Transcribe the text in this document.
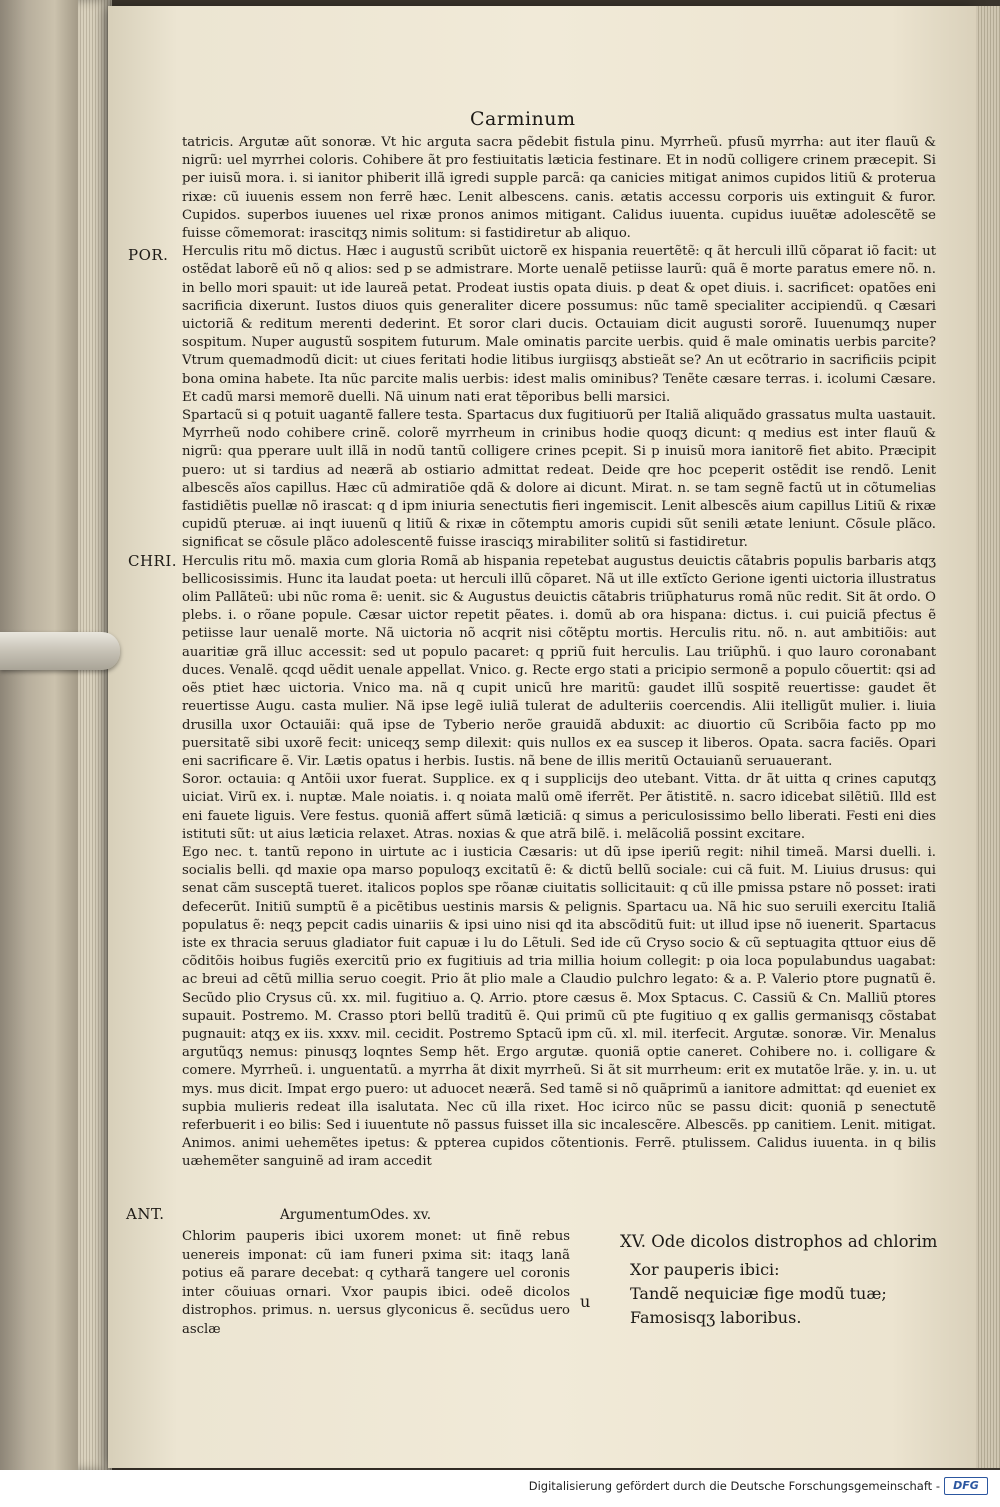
Carminum
POR.
CHRI.
ANT.

tatricis. Argutæ aũt sonoræ. Vt hic arguta sacra pẽdebit fistula pinu. Myrrheũ. pfusũ myrrha: aut iter flauũ & nigrũ: uel myrrhei coloris. Cohibere ãt pro festiuitatis læticia festinare. Et in nodũ colligere crinem præcepit. Si per iuisũ mora. i. si ianitor phiberit illã igredi supple parcã: qa canicies mitigat animos cupidos litiũ & proterua rixæ: cũ iuuenis essem non ferrẽ hæc. Lenit albescens. canis. ætatis accessu corporis uis extinguit & furor. Cupidos. superbos iuuenes uel rixæ pronos animos mitigant. Calidus iuuenta. cupidus iuuẽtæ adolescẽtẽ se fuisse cõmemorat: irascitqʒ nimis solitum: si fastidiretur ab aliquo.

Herculis ritu mõ dictus. Hæc i augustũ scribũt uictorẽ ex hispania reuertẽtẽ: q ãt herculi illũ cõparat iõ facit: ut ostẽdat laborẽ eũ nõ q alios: sed p se admistrare. Morte uenalẽ petiisse laurũ: quã ẽ morte paratus emere nõ. n. in bello mori spauit: ut ide laureã petat. Prodeat iustis opata diuis. p deat & opet diuis. i. sacrificet: opatões eni sacrificia dixerunt. Iustos diuos quis generaliter dicere possumus: nũc tamẽ specialiter accipiendũ. q Cæsari uictoriã & reditum merenti dederint. Et soror clari ducis. Octauiam dicit augusti sororẽ. Iuuenumqʒ nuper sospitum. Nuper augustũ sospitem futurum. Male ominatis parcite uerbis. quid ẽ male ominatis uerbis parcite? Vtrum quemadmodũ dicit: ut ciues feritati hodie litibus iurgiisqʒ abstieãt se? An ut ecõtrario in sacrificiis pcipit bona omina habete. Ita nũc parcite malis uerbis: idest malis ominibus? Tenẽte cæsare terras. i. icolumi Cæsare. Et cadũ marsi memorẽ duelli. Nã uinum nati erat tẽporibus belli marsici.

Spartacũ si q potuit uagantẽ fallere testa. Spartacus dux fugitiuorũ per Italiã aliquãdo grassatus multa uastauit. Myrrheũ nodo cohibere crinẽ. colorẽ myrrheum in crinibus hodie quoqʒ dicunt: q medius est inter flauũ & nigrũ: qua pperare uult illã in nodũ tantũ colligere crines pcepit. Si p inuisũ mora ianitorẽ fiet abito. Præcipit puero: ut si tardius ad neærã ab ostiario admittat redeat. Deide qre hoc pceperit ostẽdit ise rendõ. Lenit albescẽs aĩos capillus. Hæc cũ admiratiõe qdã & dolore ai dicunt. Mirat. n. se tam segnẽ factũ ut in cõtumelias fastidiẽtis puellæ nõ irascat: q d ipm iniuria senectutis fieri ingemiscit. Lenit albescẽs aium capillus Litiũ & rixæ cupidũ pteruæ. ai inqt iuuenũ q litiũ & rixæ in cõtemptu amoris cupidi sũt senili ætate leniunt. Cõsule plãco. significat se cõsule plãco adolescentẽ fuisse irasciqʒ mirabiliter solitũ si fastidiretur.

Herculis ritu mõ. maxia cum gloria Romã ab hispania repetebat augustus deuictis cãtabris populis barbaris atqʒ bellicosissimis. Hunc ita laudat poeta: ut herculi illũ cõparet. Nã ut ille extĩcto Gerione igenti uictoria illustratus olim Pallãteũ: ubi nũc roma ẽ: uenit. sic & Augustus deuictis cãtabris triũphaturus romã nũc redit. Sit ãt ordo. O plebs. i. o rõane popule. Cæsar uictor repetit pẽates. i. domũ ab ora hispana: dictus. i. cui puiciã pfectus ẽ petiisse laur uenalẽ morte. Nã uictoria nõ acqrit nisi cõtẽptu mortis. Herculis ritu. nõ. n. aut ambitiõis: aut auaritiæ grã illuc accessit: sed ut populo pacaret: q ppriũ fuit herculis. Lau triũphũ. i quo lauro coronabant duces. Venalẽ. qcqd uẽdit uenale appellat. Vnico. g. Recte ergo stati a pricipio sermonẽ a populo cõuertit: qsi ad oẽs ptiet hæc uictoria. Vnico ma. nã q cupit unicũ hre maritũ: gaudet illũ sospitẽ reuertisse: gaudet ẽt reuertisse Augu. casta mulier. Nã ipse legẽ iuliã tulerat de adulteriis coercendis. Alii itelligũt mulier. i. liuia drusilla uxor Octauiãi: quã ipse de Tyberio nerõe grauidã abduxit: ac diuortio cũ Scribõia facto pp mo puersitatẽ sibi uxorẽ fecit: uniceqʒ semp dilexit: quis nullos ex ea suscep it liberos. Opata. sacra faciẽs. Opari eni sacrificare ẽ. Vir. Lætis opatus i herbis. Iustis. nã bene de illis meritũ Octauianũ seruauerant.

Soror. octauia: q Antõii uxor fuerat. Supplice. ex q i supplicijs deo utebant. Vitta. dr ãt uitta q crines caputqʒ uiciat. Virũ ex. i. nuptæ. Male noiatis. i. q noiata malũ omẽ iferrẽt. Per ãtistitẽ. n. sacro idicebat silẽtiũ. Illd est eni fauete liguis. Vere festus. quoniã affert sũmã læticiã: q simus a periculosissimo bello liberati. Festi eni dies istituti sũt: ut aius læticia relaxet. Atras. noxias & que atrã bilẽ. i. melãcoliã possint excitare.

Ego nec. t. tantũ repono in uirtute ac i iusticia Cæsaris: ut dũ ipse iperiũ regit: nihil timeã. Marsi duelli. i. socialis belli. qd maxie opa marso populoqʒ excitatũ ẽ: & dictũ bellũ sociale: cui cã fuit. M. Liuius drusus: qui senat cãm susceptã tueret. italicos poplos spe rõanæ ciuitatis sollicitauit: q cũ ille pmissa pstare nõ posset: irati defecerũt. Initiũ sumptũ ẽ a picẽtibus uestinis marsis & pelignis. Spartacu ua. Nã hic suo seruili exercitu Italiã populatus ẽ: neqʒ pepcit cadis uinariis & ipsi uino nisi qd ita abscõditũ fuit: ut illud ipse nõ iuenerit. Spartacus iste ex thracia seruus gladiator fuit capuæ i lu do Lẽtuli. Sed ide cũ Cryso socio & cũ septuagita qttuor eius dẽ cõditõis hoibus fugiẽs exercitũ prio ex fugitiuis ad tria millia hoium collegit: p oia loca populabundus uagabat: ac breui ad cẽtũ millia seruo coegit. Prio ãt plio male a Claudio pulchro legato: & a. P. Valerio ptore pugnatũ ẽ. Secũdo plio Crysus cũ. xx. mil. fugitiuo a. Q. Arrio. ptore cæsus ẽ. Mox Sptacus. C. Cassiũ & Cn. Malliũ ptores supauit. Postremo. M. Crasso ptori bellũ traditũ ẽ. Qui primũ cũ pte fugitiuo q ex gallis germanisqʒ cõstabat pugnauit: atqʒ ex iis. xxxv. mil. cecidit. Postremo Sptacũ ipm cũ. xl. mil. iterfecit. Argutæ. sonoræ. Vir. Menalus argutũqʒ nemus: pinusqʒ loqntes Semp hẽt. Ergo argutæ. quoniã optie caneret. Cohibere no. i. colligare & comere. Myrrheũ. i. unguentatũ. a myrrha ãt dixit myrrheũ. Si ãt sit murrheum: erit ex mutatõe lrãe. y. in. u. ut mys. mus dicit. Impat ergo puero: ut aduocet neærã. Sed tamẽ si nõ quãprimũ a ianitore admittat: qd eueniet ex supbia mulieris redeat illa isalutata. Nec cũ illa rixet. Hoc icirco nũc se passu dicit: quoniã p senectutẽ referbuerit i eo bilis: Sed i iuuentute nõ passus fuisset illa sic incalescẽre. Albescẽs. pp canitiem. Lenit. mitigat. Animos. animi uehemẽtes ipetus: & ppterea cupidos cõtentionis. Ferrẽ. ptulissem. Calidus iuuenta. in q bilis uæhemẽter sanguinẽ ad iram accedit

ArgumentumOdes. xv.
Chlorim pauperis ibici uxorem monet: ut finẽ rebus uenereis imponat: cũ iam funeri pxima sit: itaqʒ lanã potius eã parare decebat: q cytharã tangere uel coronis inter cõuiuas ornari. Vxor paupis ibici. odeẽ dicolos distrophos. primus. n. uersus glyconicus ẽ. secũdus uero asclæ
XV. Ode dicolos distrophos ad chlorim
u
Xor pauperis ibici:
Tandẽ nequiciæ fige modũ tuæ;
Famosisqʒ laboribus.
Digitalisierung gefördert durch die Deutsche Forschungsgemeinschaft -	DFG
